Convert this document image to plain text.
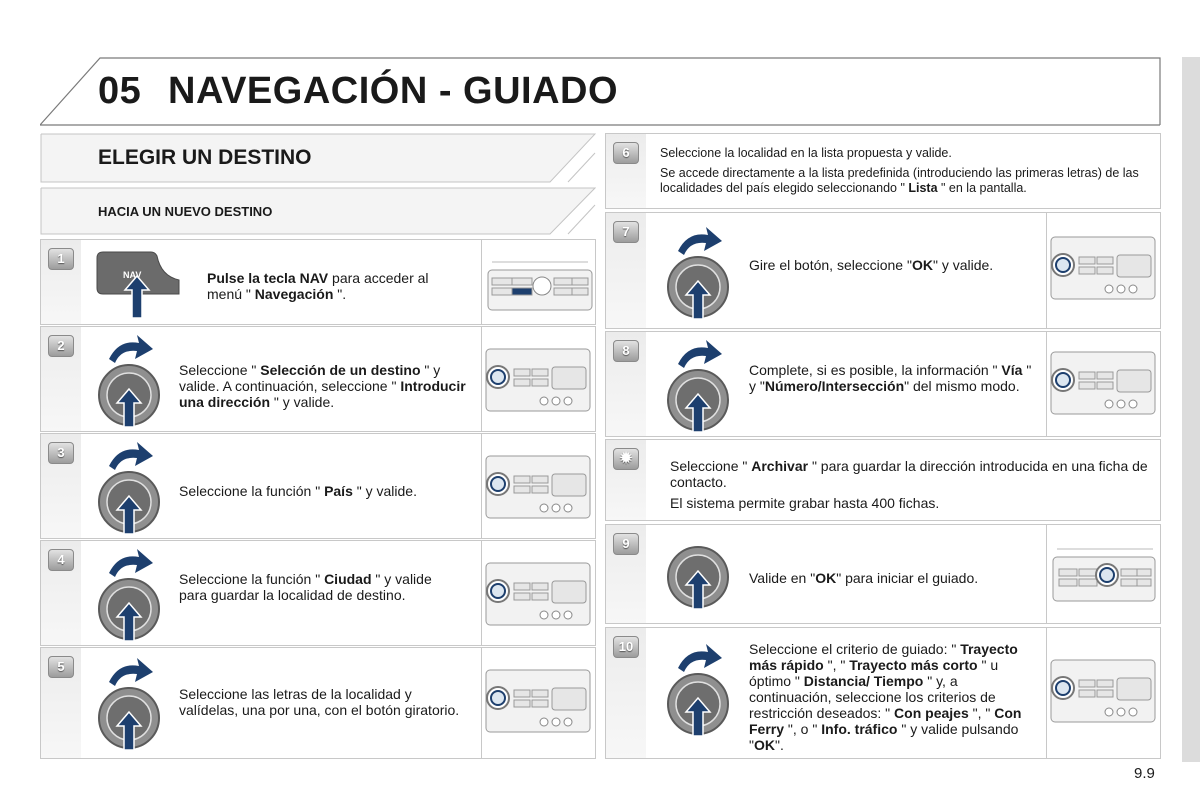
05 NAVEGACIÓN - GUIADO
ELEGIR UN DESTINO
HACIA UN NUEVO DESTINO
1
NAV	Pulse la tecla NAV para acceder al menú " Navegación ".
2
Seleccione " Selección de un destino " y valide. A continuación, seleccione " Introducir una dirección " y valide.
3
Seleccione la función " País " y valide.
4
Seleccione la función " Ciudad " y valide para guardar la localidad de destino.
5
Seleccione las letras de la localidad y valídelas, una por una, con el botón giratorio.
6	Seleccione la localidad en la lista propuesta y valide.
Se accede directamente a la lista predefinida (introduciendo las primeras letras) de las localidades del país elegido seleccionando " Lista " en la pantalla.
7
Gire el botón, seleccione "OK" y valide.
8
Complete, si es posible, la información " Vía " y "Número/Intersección" del mismo modo.
✹	Seleccione " Archivar " para guardar la dirección introducida en una ficha de contacto.
El sistema permite grabar hasta 400 fichas.
9
Valide en "OK" para iniciar el guiado.
10	Seleccione el criterio de guiado: " Trayecto más rápido ", " Trayecto más corto " u óptimo " Distancia/ Tiempo " y, a continuación, seleccione los criterios de restricción deseados: " Con peajes ", " Con Ferry ", o " Info. tráfico " y valide pulsando "OK".
9.9
